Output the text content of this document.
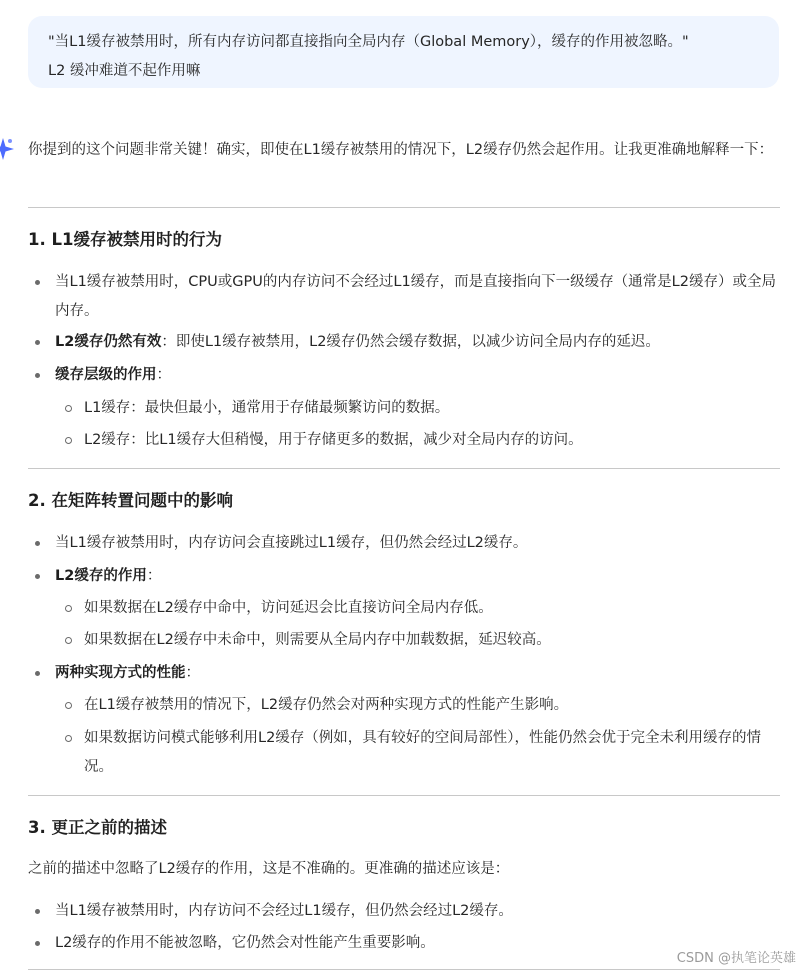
"当L1缓存被禁用时，所有内存访问都直接指向全局内存（Global Memory），缓存的作用被忽略。"
L2 缓冲难道不起作用嘛
你提到的这个问题非常关键！确实，即使在L1缓存被禁用的情况下，L2缓存仍然会起作用。让我更准确地解释一下：
1. L1缓存被禁用时的行为
当L1缓存被禁用时，CPU或GPU的内存访问不会经过L1缓存，而是直接指向下一级缓存（通常是L2缓存）或全局内存。
L2缓存仍然有效：即使L1缓存被禁用，L2缓存仍然会缓存数据，以减少访问全局内存的延迟。
缓存层级的作用：
L1缓存：最快但最小，通常用于存储最频繁访问的数据。
L2缓存：比L1缓存大但稍慢，用于存储更多的数据，减少对全局内存的访问。
2. 在矩阵转置问题中的影响
当L1缓存被禁用时，内存访问会直接跳过L1缓存，但仍然会经过L2缓存。
L2缓存的作用：
如果数据在L2缓存中命中，访问延迟会比直接访问全局内存低。
如果数据在L2缓存中未命中，则需要从全局内存中加载数据，延迟较高。
两种实现方式的性能：
在L1缓存被禁用的情况下，L2缓存仍然会对两种实现方式的性能产生影响。
如果数据访问模式能够利用L2缓存（例如，具有较好的空间局部性），性能仍然会优于完全未利用缓存的情况。
3. 更正之前的描述
之前的描述中忽略了L2缓存的作用，这是不准确的。更准确的描述应该是：
当L1缓存被禁用时，内存访问不会经过L1缓存，但仍然会经过L2缓存。
L2缓存的作用不能被忽略，它仍然会对性能产生重要影响。
CSDN @执笔论英雄
